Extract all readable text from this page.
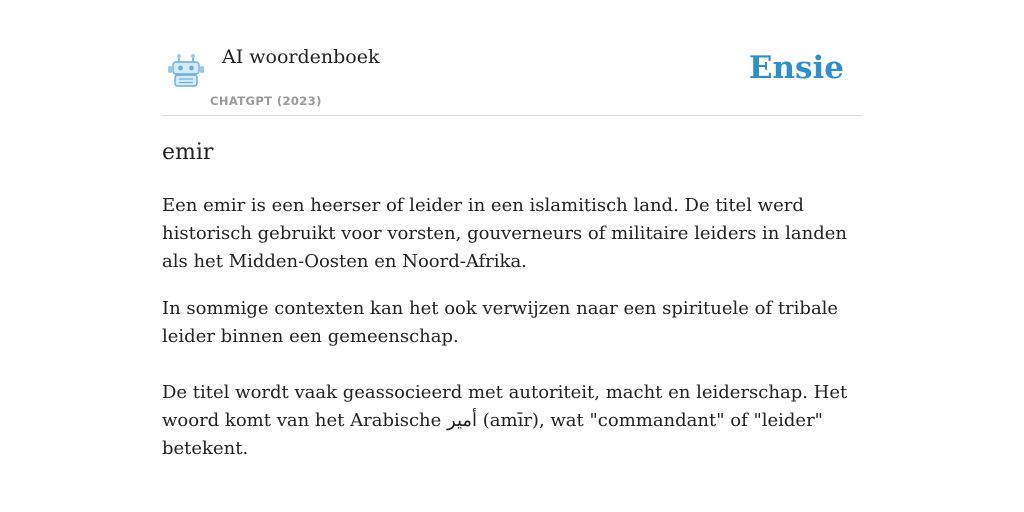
AI woordenboek
CHATGPT (2023)
Ensie
emir

Een emir is een heerser of leider in een islamitisch land. De titel werd historisch gebruikt voor vorsten, gouverneurs of militaire leiders in landen als het Midden-Oosten en Noord-Afrika.

In sommige contexten kan het ook verwijzen naar een spirituele of tribale leider binnen een gemeenschap.

De titel wordt vaak geassocieerd met autoriteit, macht en leiderschap. Het woord komt van het Arabische أمير (amīr), wat "commandant" of "leider" betekent.
